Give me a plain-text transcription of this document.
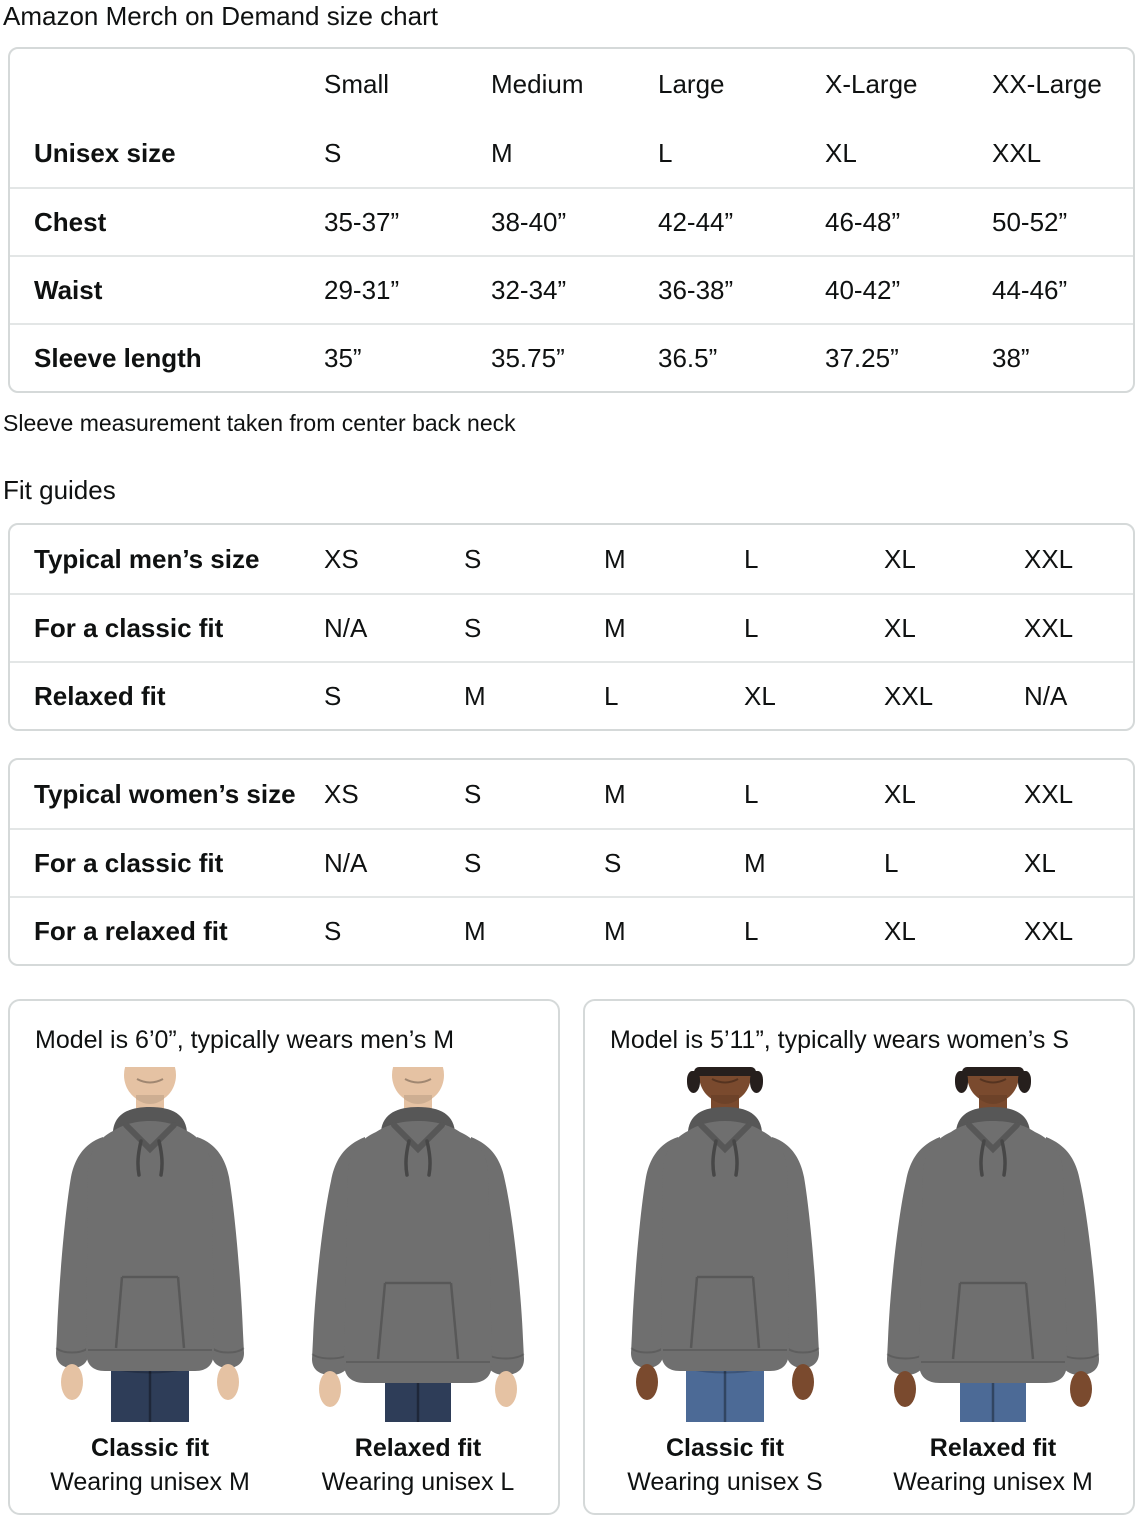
Amazon Merch on Demand size chart
	Small	Medium	Large	X-Large	XX-Large
Unisex size	S	M	L	XL	XXL
Chest	35-37”	38-40”	42-44”	46-48”	50-52”
Waist	29-31”	32-34”	36-38”	40-42”	44-46”
Sleeve length	35”	35.75”	36.5”	37.25”	38”

Sleeve measurement taken from center back neck

Fit guides
Typical men’s size	XS	S	M	L	XL	XXL
For a classic fit	N/A	S	M	L	XL	XXL
Relaxed fit	S	M	L	XL	XXL	N/A
Typical women’s size	XS	S	M	L	XL	XXL
For a classic fit	N/A	S	S	M	L	XL
For a relaxed fit	S	M	M	L	XL	XXL
Model is 6’0”, typically wears men’s M
Classic fit
Wearing unisex M
Relaxed fit
Wearing unisex L
Model is 5’11”, typically wears women’s S
Classic fit
Wearing unisex S
Relaxed fit
Wearing unisex M
